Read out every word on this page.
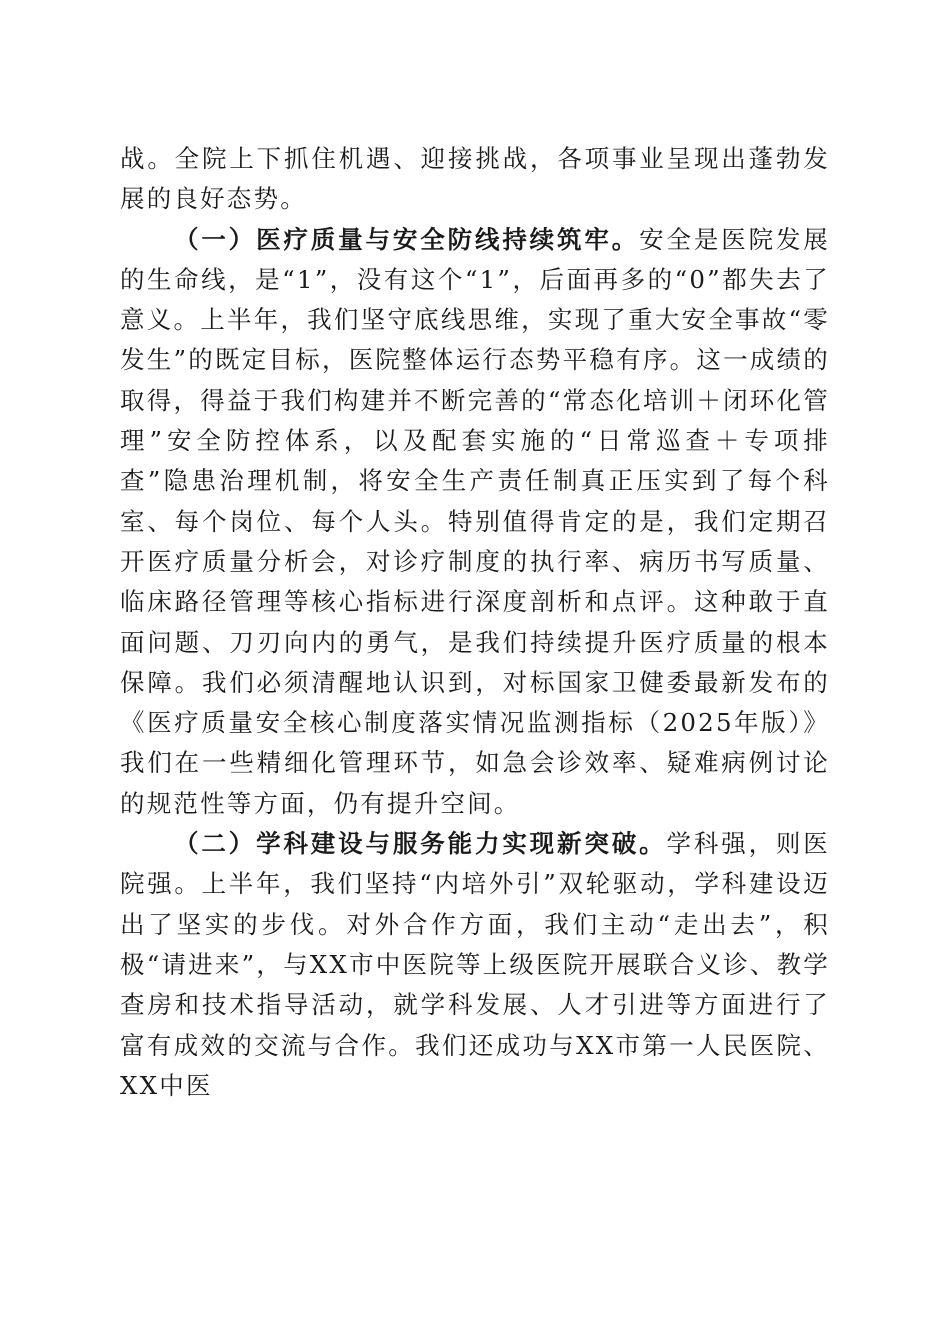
战。全院上下抓住机遇、迎接挑战，各项事业呈现出蓬勃发展的良好态势。

（一）医疗质量与安全防线持续筑牢。安全是医院发展的生命线，是“1”，没有这个“1”，后面再多的“0”都失去了意义。上半年，我们坚守底线思维，实现了重大安全事故“零发生”的既定目标，医院整体运行态势平稳有序。这一成绩的取得，得益于我们构建并不断完善的“常态化培训＋闭环化管理”安全防控体系，以及配套实施的“日常巡查＋专项排查”隐患治理机制，将安全生产责任制真正压实到了每个科室、每个岗位、每个人头。特别值得肯定的是，我们定期召开医疗质量分析会，对诊疗制度的执行率、病历书写质量、临床路径管理等核心指标进行深度剖析和点评。这种敢于直面问题、刀刃向内的勇气，是我们持续提升医疗质量的根本保障。我们必须清醒地认识到，对标国家卫健委最新发布的《医疗质量安全核心制度落实情况监测指标（2025年版）》我们在一些精细化管理环节，如急会诊效率、疑难病例讨论的规范性等方面，仍有提升空间。

（二）学科建设与服务能力实现新突破。学科强，则医院强。上半年，我们坚持“内培外引”双轮驱动，学科建设迈出了坚实的步伐。对外合作方面，我们主动“走出去”，积极“请进来”，与XX市中医院等上级医院开展联合义诊、教学查房和技术指导活动，就学科发展、人才引进等方面进行了富有成效的交流与合作。我们还成功与XX市第一人民医院、XX中医
